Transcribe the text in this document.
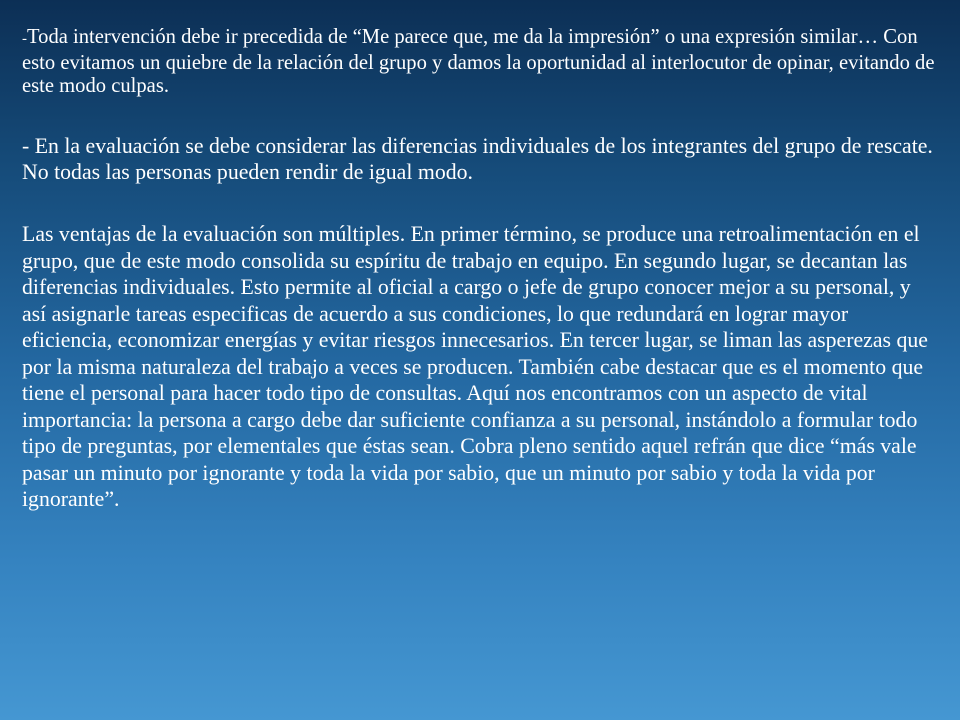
-Toda intervención debe ir precedida de “Me parece que, me da la impresión” o una expresión similar… Con esto evitamos un quiebre de la relación del grupo y damos la oportunidad al interlocutor de opinar, evitando de este modo culpas.

- En la evaluación se debe considerar las diferencias individuales de los integrantes del grupo de rescate. No todas las personas pueden rendir de igual modo.

Las ventajas de la evaluación son múltiples. En primer término, se produce una retroalimentación en el grupo, que de este modo consolida su espíritu de trabajo en equipo. En segundo lugar, se decantan las diferencias individuales. Esto permite al oficial a cargo o jefe de grupo conocer mejor a su personal, y así asignarle tareas especificas de acuerdo a sus condiciones, lo que redundará en lograr mayor eficiencia, economizar energías y evitar riesgos innecesarios. En tercer lugar, se liman las asperezas que por la misma naturaleza del trabajo a veces se producen. También cabe destacar que es el momento que tiene el personal para hacer todo tipo de consultas. Aquí nos encontramos con un aspecto de vital importancia: la persona a cargo debe dar suficiente confianza a su personal, instándolo a formular todo tipo de preguntas, por elementales que éstas sean. Cobra pleno sentido aquel refrán que dice “más vale pasar un minuto por ignorante y toda la vida por sabio, que un minuto por sabio y toda la vida por ignorante”.
